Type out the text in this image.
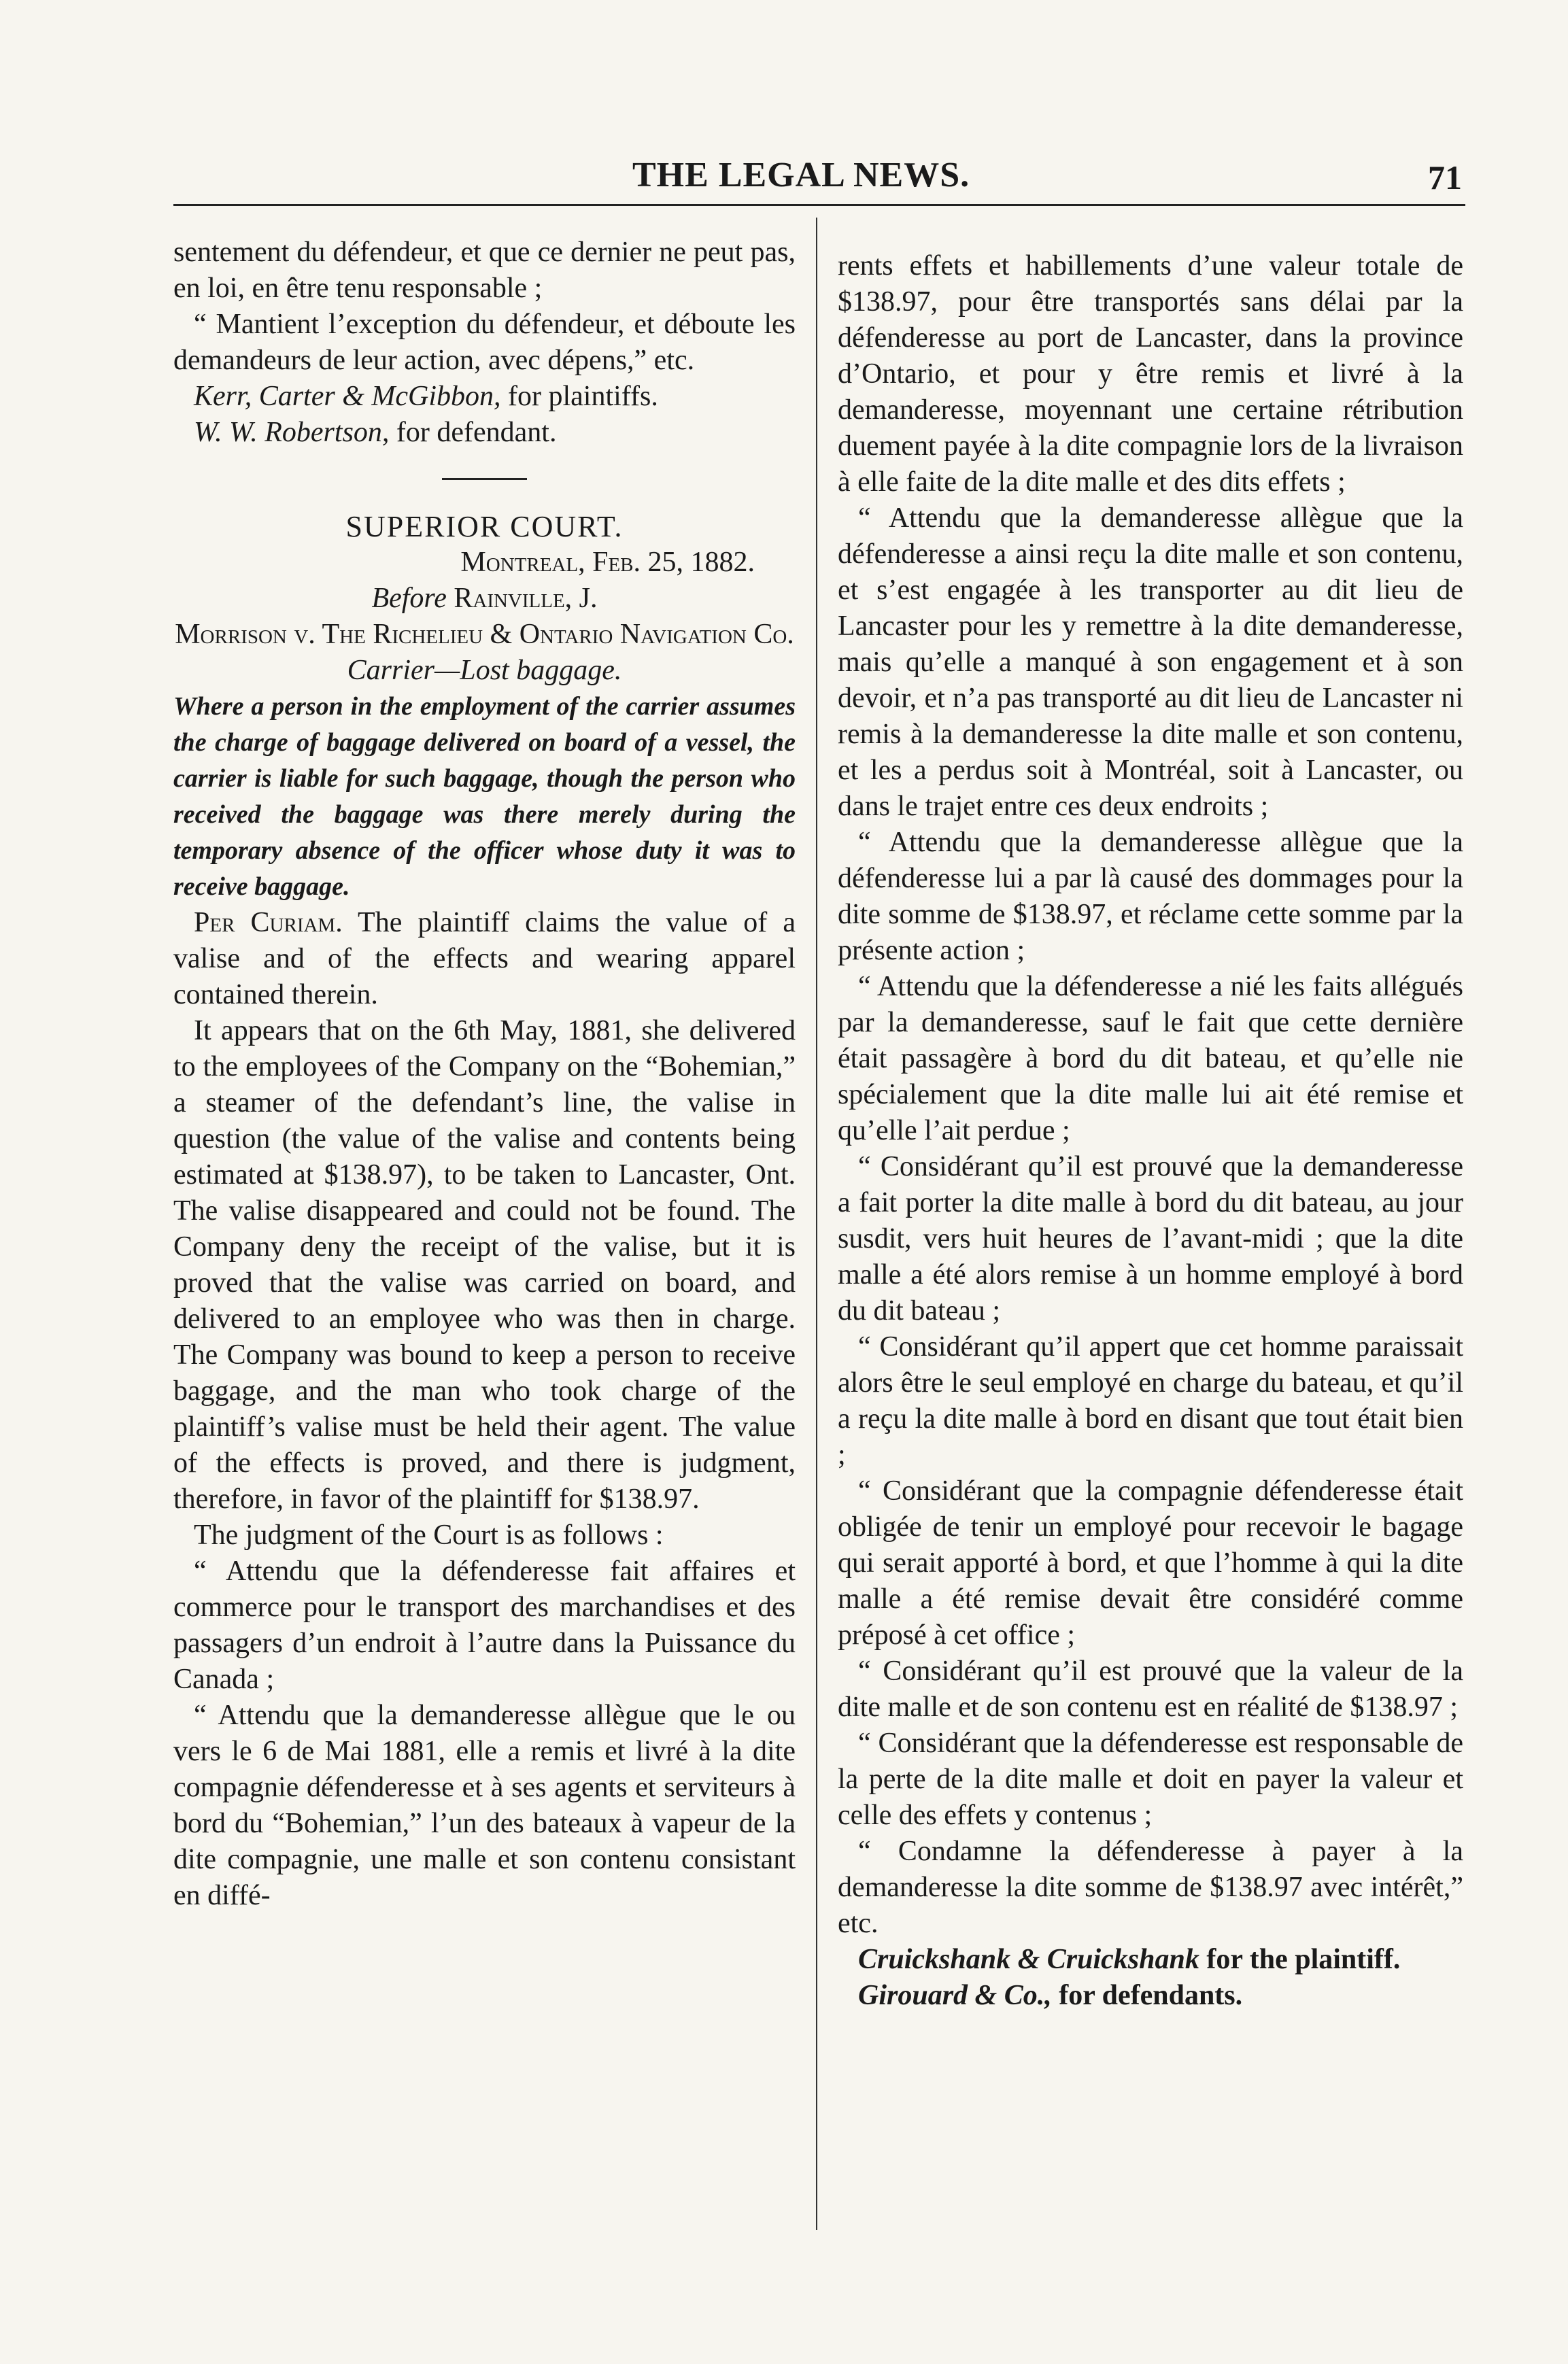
THE LEGAL NEWS.	71

sentement du défendeur, et que ce dernier ne peut pas, en loi, en être tenu responsable ;

“ Mantient l’exception du défendeur, et déboute les demandeurs de leur action, avec dépens,” etc.

Kerr, Carter & McGibbon, for plaintiffs.

W. W. Robertson, for defendant.

SUPERIOR COURT.

Montreal, Feb. 25, 1882.

Before Rainville, J.

Morrison v. The Richelieu & Ontario Navigation Co.

Carrier—Lost baggage.

Where a person in the employment of the carrier assumes the charge of baggage delivered on board of a vessel, the carrier is liable for such baggage, though the person who received the baggage was there merely during the temporary absence of the officer whose duty it was to receive baggage.

Per Curiam. The plaintiff claims the value of a valise and of the effects and wearing apparel contained therein.

It appears that on the 6th May, 1881, she delivered to the employees of the Company on the “Bohemian,” a steamer of the defendant’s line, the valise in question (the value of the valise and contents being estimated at $138.97), to be taken to Lancaster, Ont. The valise disappeared and could not be found. The Company deny the receipt of the valise, but it is proved that the valise was carried on board, and delivered to an employee who was then in charge. The Company was bound to keep a person to receive baggage, and the man who took charge of the plaintiff’s valise must be held their agent. The value of the effects is proved, and there is judgment, therefore, in favor of the plaintiff for $138.97.

The judgment of the Court is as follows :

“ Attendu que la défenderesse fait affaires et commerce pour le transport des marchandises et des passagers d’un endroit à l’autre dans la Puissance du Canada ;

“ Attendu que la demanderesse allègue que le ou vers le 6 de Mai 1881, elle a remis et livré à la dite compagnie défenderesse et à ses agents et serviteurs à bord du “Bohemian,” l’un des bateaux à vapeur de la dite compagnie, une malle et son contenu consistant en diffé-

rents effets et habillements d’une valeur totale de $138.97, pour être transportés sans délai par la défenderesse au port de Lancaster, dans la province d’Ontario, et pour y être remis et livré à la demanderesse, moyennant une certaine rétribution duement payée à la dite compagnie lors de la livraison à elle faite de la dite malle et des dits effets ;

“ Attendu que la demanderesse allègue que la défenderesse a ainsi reçu la dite malle et son contenu, et s’est engagée à les transporter au dit lieu de Lancaster pour les y remettre à la dite demanderesse, mais qu’elle a manqué à son engagement et à son devoir, et n’a pas transporté au dit lieu de Lancaster ni remis à la demanderesse la dite malle et son contenu, et les a perdus soit à Montréal, soit à Lancaster, ou dans le trajet entre ces deux endroits ;

“ Attendu que la demanderesse allègue que la défenderesse lui a par là causé des dommages pour la dite somme de $138.97, et réclame cette somme par la présente action ;

“ Attendu que la défenderesse a nié les faits allégués par la demanderesse, sauf le fait que cette dernière était passagère à bord du dit bateau, et qu’elle nie spécialement que la dite malle lui ait été remise et qu’elle l’ait perdue ;

“ Considérant qu’il est prouvé que la demanderesse a fait porter la dite malle à bord du dit bateau, au jour susdit, vers huit heures de l’avant-midi ; que la dite malle a été alors remise à un homme employé à bord du dit bateau ;

“ Considérant qu’il appert que cet homme paraissait alors être le seul employé en charge du bateau, et qu’il a reçu la dite malle à bord en disant que tout était bien ;

“ Considérant que la compagnie défenderesse était obligée de tenir un employé pour recevoir le bagage qui serait apporté à bord, et que l’homme à qui la dite malle a été remise devait être considéré comme préposé à cet office ;

“ Considérant qu’il est prouvé que la valeur de la dite malle et de son contenu est en réalité de $138.97 ;

“ Considérant que la défenderesse est responsable de la perte de la dite malle et doit en payer la valeur et celle des effets y contenus ;

“ Condamne la défenderesse à payer à la demanderesse la dite somme de $138.97 avec intérêt,” etc.

Cruickshank & Cruickshank for the plaintiff.

Girouard & Co., for defendants.
